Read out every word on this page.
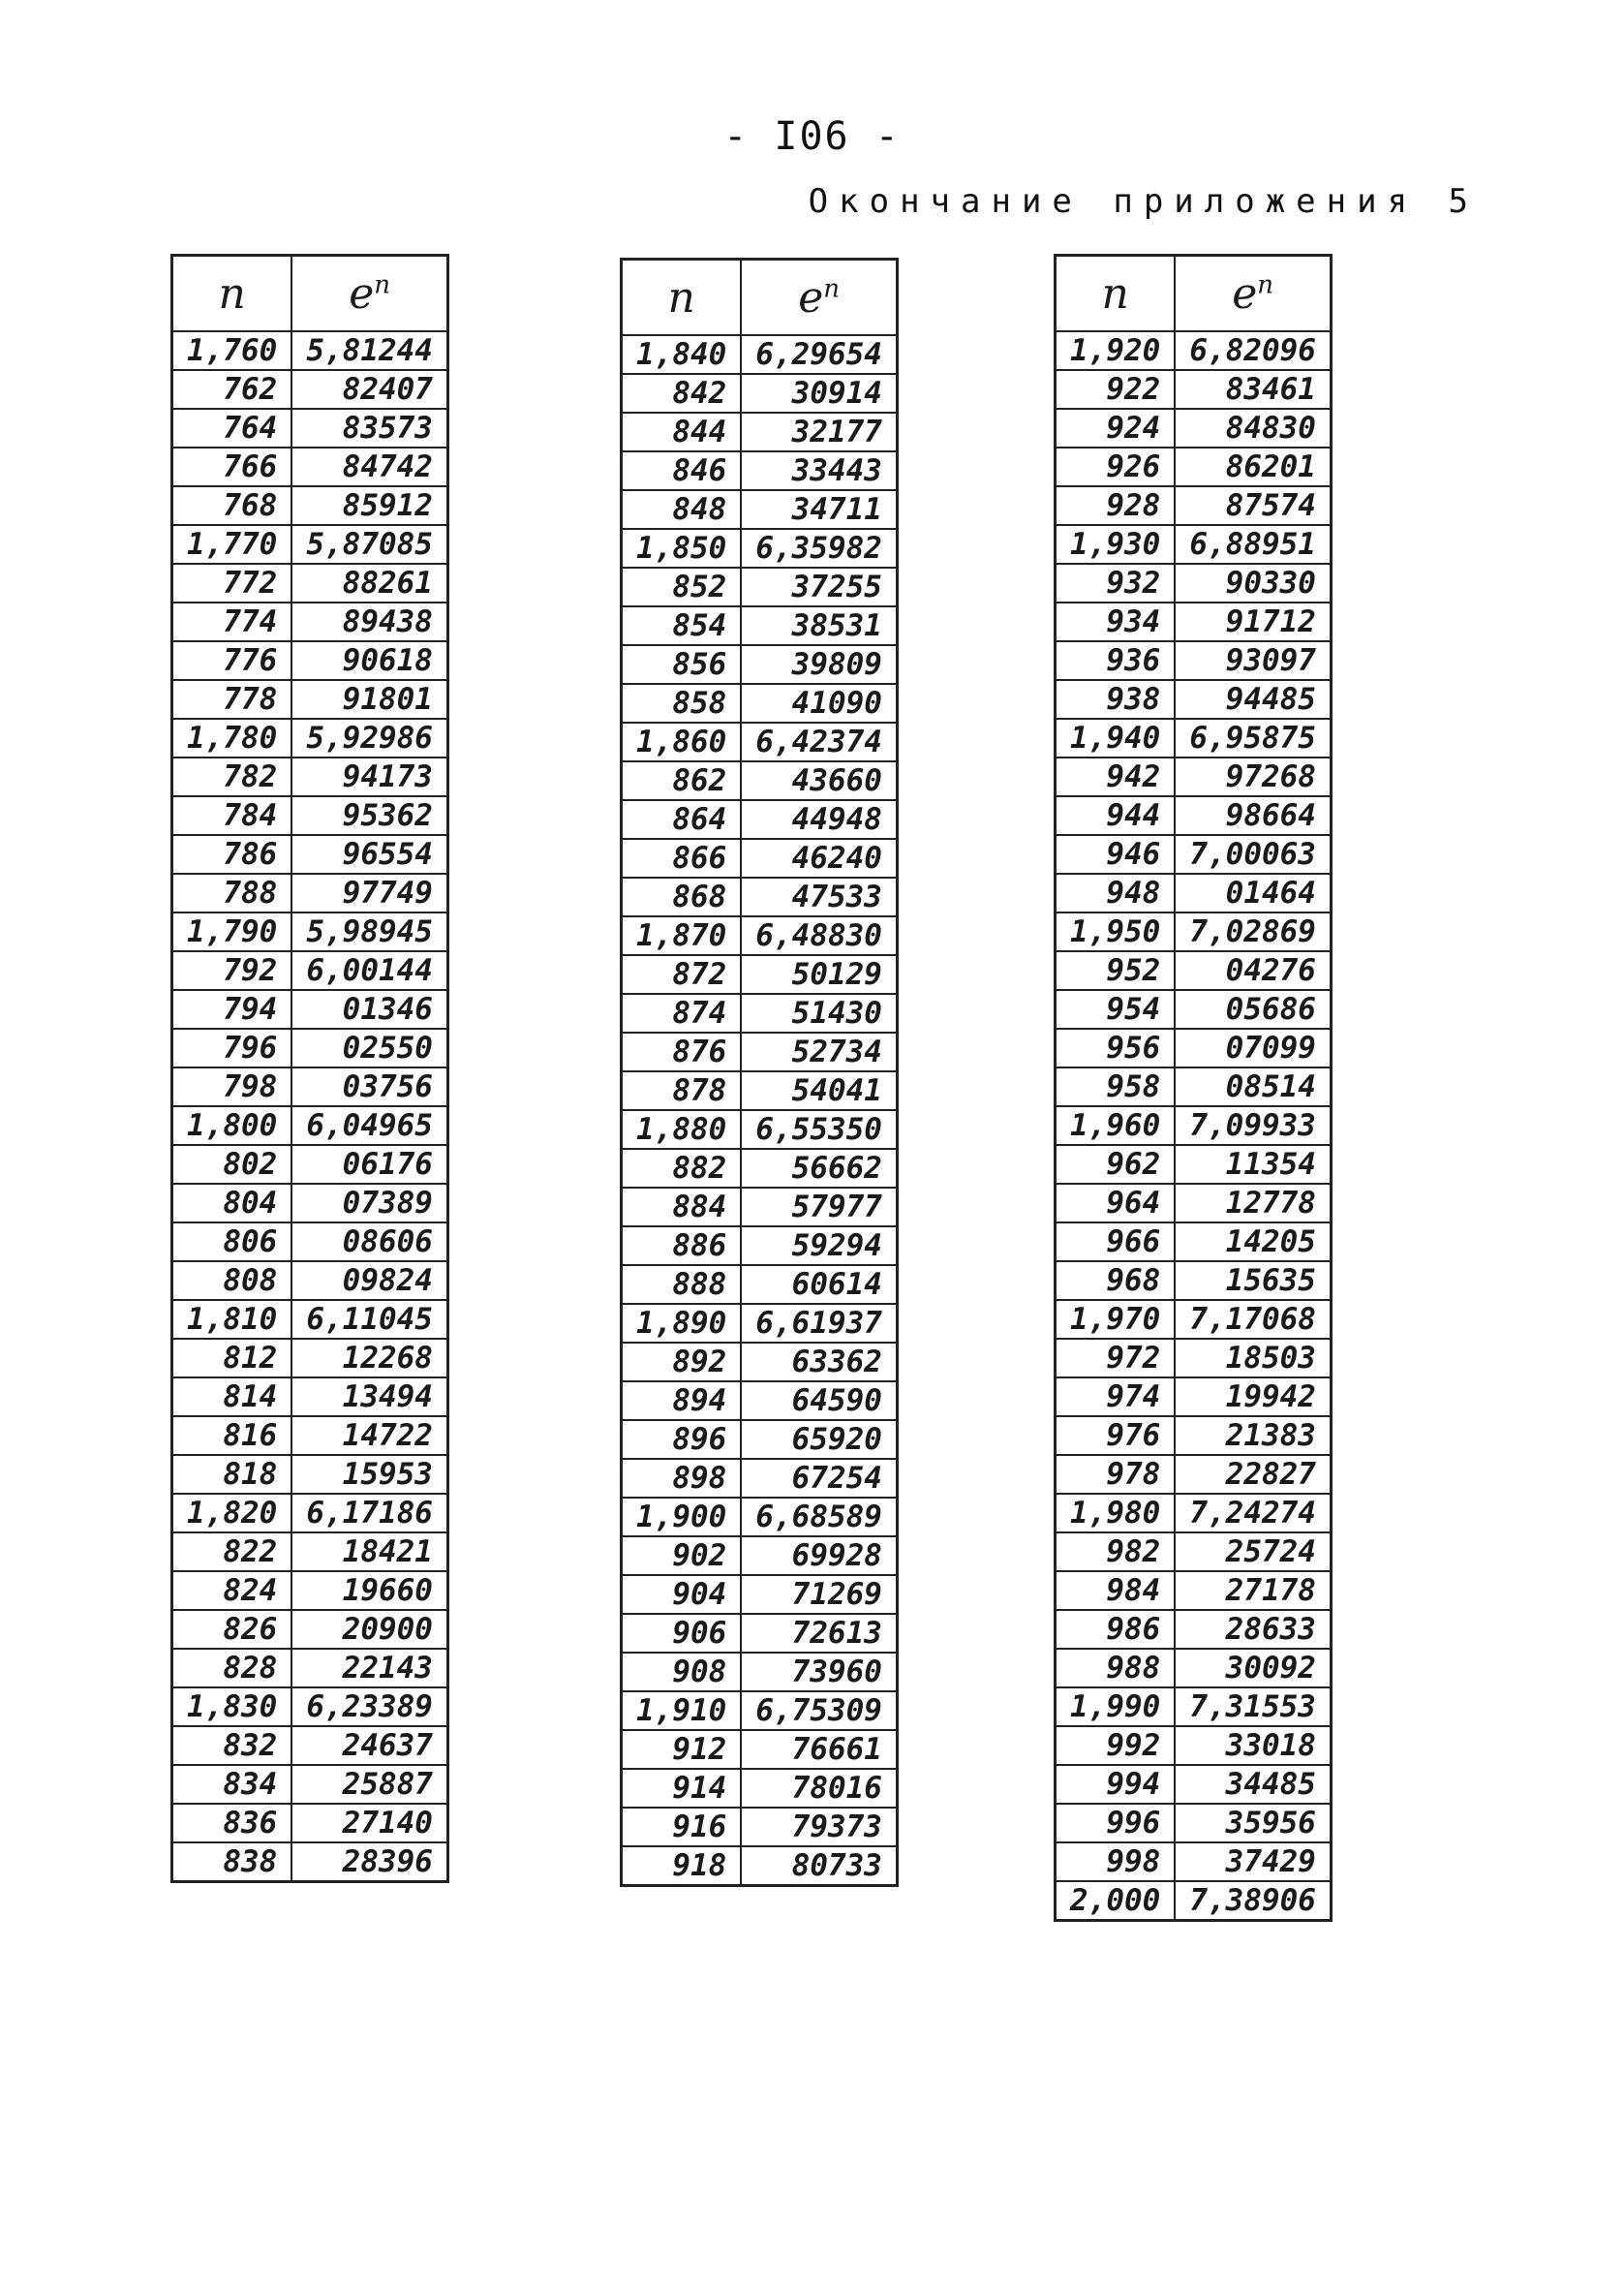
- I06 -
Окончание приложения 5
n	$e^n$
1,760	5,81244
762	82407
764	83573
766	84742
768	85912
1,770	5,87085
772	88261
774	89438
776	90618
778	91801
1,780	5,92986
782	94173
784	95362
786	96554
788	97749
1,790	5,98945
792	6,00144
794	01346
796	02550
798	03756
1,800	6,04965
802	06176
804	07389
806	08606
808	09824
1,810	6,11045
812	12268
814	13494
816	14722
818	15953
1,820	6,17186
822	18421
824	19660
826	20900
828	22143
1,830	6,23389
832	24637
834	25887
836	27140
838	28396
n	$e^n$
1,840	6,29654
842	30914
844	32177
846	33443
848	34711
1,850	6,35982
852	37255
854	38531
856	39809
858	41090
1,860	6,42374
862	43660
864	44948
866	46240
868	47533
1,870	6,48830
872	50129
874	51430
876	52734
878	54041
1,880	6,55350
882	56662
884	57977
886	59294
888	60614
1,890	6,61937
892	63362
894	64590
896	65920
898	67254
1,900	6,68589
902	69928
904	71269
906	72613
908	73960
1,910	6,75309
912	76661
914	78016
916	79373
918	80733
n	$e^n$
1,920	6,82096
922	83461
924	84830
926	86201
928	87574
1,930	6,88951
932	90330
934	91712
936	93097
938	94485
1,940	6,95875
942	97268
944	98664
946	7,00063
948	01464
1,950	7,02869
952	04276
954	05686
956	07099
958	08514
1,960	7,09933
962	11354
964	12778
966	14205
968	15635
1,970	7,17068
972	18503
974	19942
976	21383
978	22827
1,980	7,24274
982	25724
984	27178
986	28633
988	30092
1,990	7,31553
992	33018
994	34485
996	35956
998	37429
2,000	7,38906
